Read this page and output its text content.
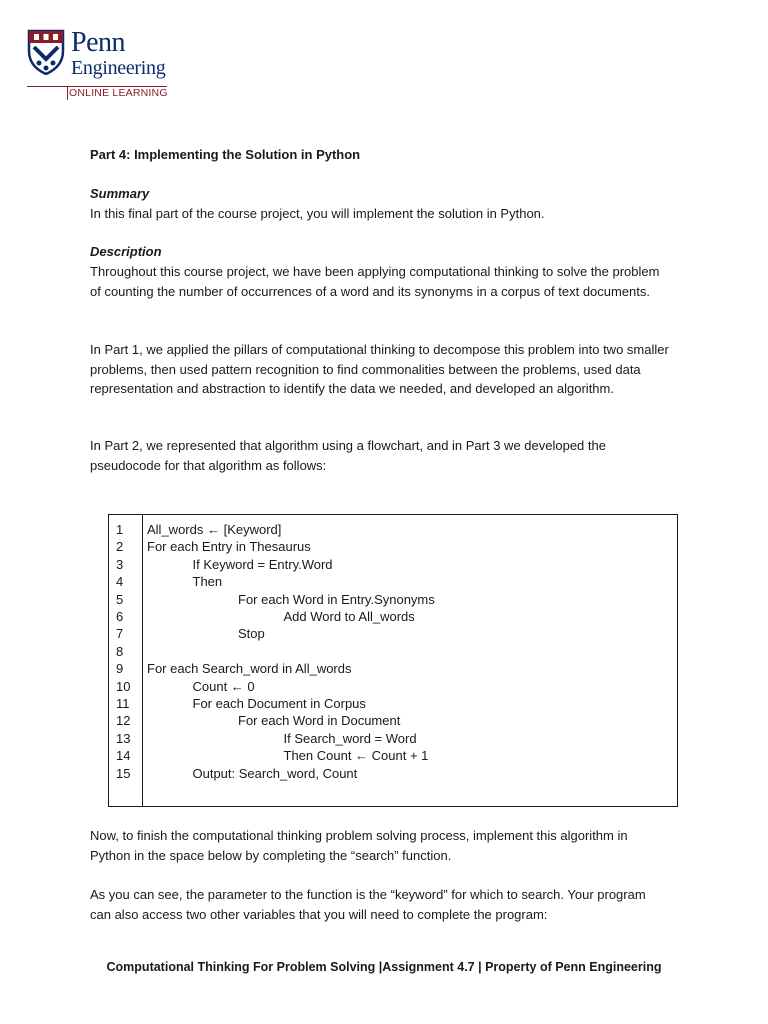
Penn
Engineering
ONLINE LEARNING
Part 4: Implementing the Solution in Python
Summary
In this final part of the course project, you will implement the solution in Python.
Description
Throughout this course project, we have been applying computational thinking to solve the problem of counting the number of occurrences of a word and its synonyms in a corpus of text documents.
In Part 1, we applied the pillars of computational thinking to decompose this problem into two smaller problems, then used pattern recognition to find commonalities between the problems, used data representation and abstraction to identify the data we needed, and developed an algorithm.
In Part 2, we represented that algorithm using a flowchart, and in Part 3 we developed the pseudocode for that algorithm as follows:
1	All_words ← [Keyword]
2	For each Entry in Thesaurus
3	If Keyword = Entry.Word
4	Then
5	For each Word in Entry.Synonyms
6	Add Word to All_words
7	Stop
8
9	For each Search_word in All_words
10	Count ← 0
11	For each Document in Corpus
12	For each Word in Document
13	If Search_word = Word
14	Then Count ← Count + 1
15	Output: Search_word, Count
Now, to finish the computational thinking problem solving process, implement this algorithm in Python in the space below by completing the “search” function.
As you can see, the parameter to the function is the “keyword” for which to search. Your program can also access two other variables that you will need to complete the program:
Computational Thinking For Problem Solving |Assignment 4.7 | Property of Penn Engineering
